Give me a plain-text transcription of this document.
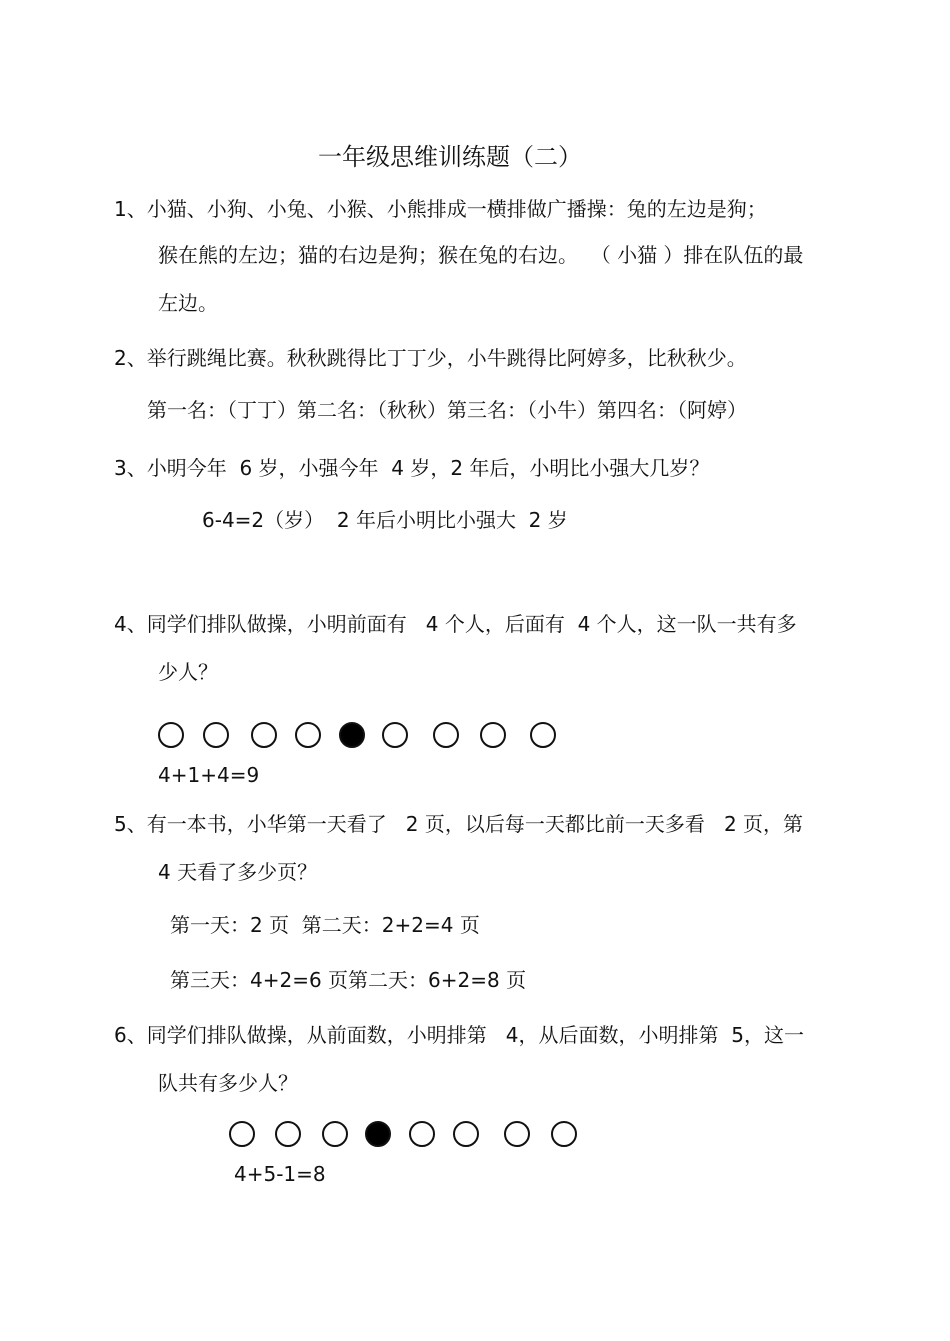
一年级思维训练题（二）
1、小猫、小狗、小兔、小猴、小熊排成一横排做广播操：兔的左边是狗；
猴在熊的左边；猫的右边是狗；猴在兔的右边。  （ 小猫 ）排在队伍的最
左边。
2、举行跳绳比赛。秋秋跳得比丁丁少，小牛跳得比阿婷多，比秋秋少。
第一名：（丁丁）第二名：（秋秋）第三名：（小牛）第四名：（阿婷）
3、小明今年  6 岁，小强今年  4 岁，2 年后，小明比小强大几岁？
6-4=2（岁）  2 年后小明比小强大  2 岁
4、同学们排队做操，小明前面有   4 个人，后面有  4 个人，这一队一共有多
少人？
4+1+4=9
5、有一本书，小华第一天看了   2 页，以后每一天都比前一天多看   2 页，第
4 天看了多少页？
第一天：2 页  第二天：2+2=4 页
第三天：4+2=6 页第二天：6+2=8 页
6、同学们排队做操，从前面数，小明排第   4，从后面数，小明排第  5，这一
队共有多少人？
4+5-1=8
